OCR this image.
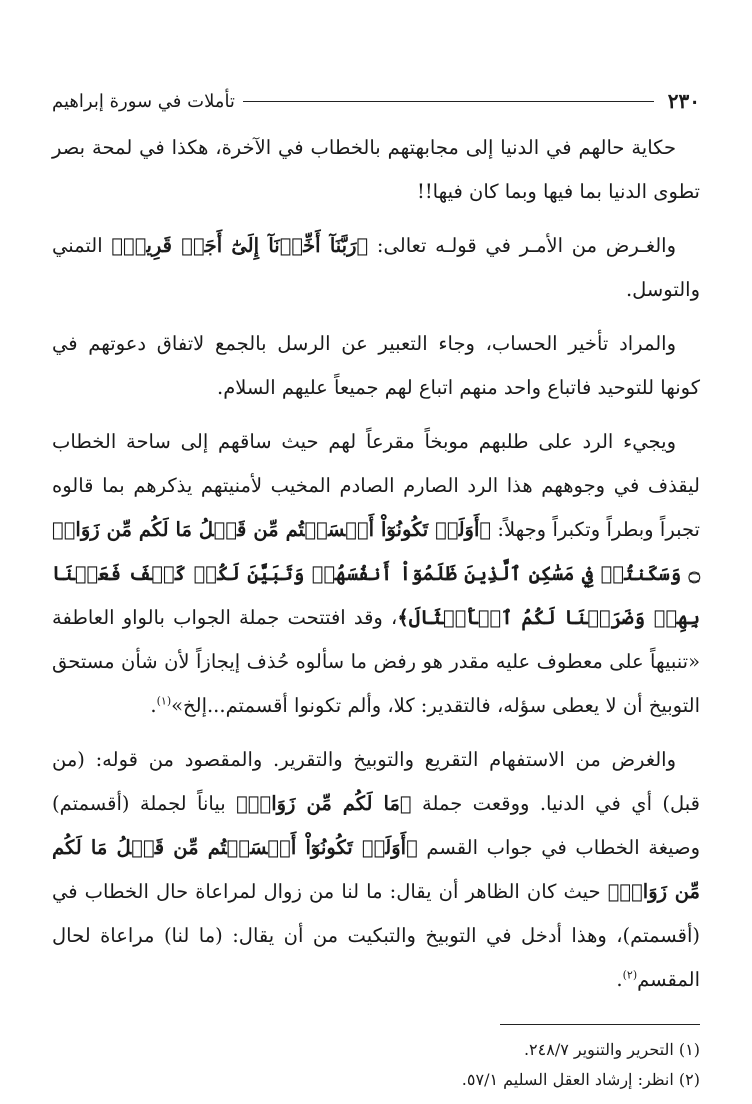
٢٣٠
تأملات في سورة إبراهيم

حكاية حالهم في الدنيا إلى مجابهتهم بالخطاب في الآخرة، هكذا في لمحة بصر تطوى الدنيا بما فيها وبما كان فيها!!

والغـرض من الأمـر في قولـه تعالى: ﴿رَبَّنَآ أَخِّرۡنَآ إِلَىٰٓ أَجَلٖ قَرِيبٖ﴾ التمني والتوسل.

والمراد تأخير الحساب، وجاء التعبير عن الرسل بالجمع لاتفاق دعوتهم في كونها للتوحيد فاتباع واحد منهم اتباع لهم جميعاً عليهم السلام.

ويجيء الرد على طلبهم موبخاً مقرعاً لهم حيث ساقهم إلى ساحة الخطاب ليقذف في وجوههم هذا الرد الصارم الصادم المخيب لأمنيتهم يذكرهم بما قالوه تجبراً وبطراً وتكبراً وجهلاً: ﴿أَوَلَمۡ تَكُونُوٓاْ أَقۡسَمۡتُم مِّن قَبۡلُ مَا لَكُم مِّن زَوَالٖ ۝ وَسَكَنتُمۡ فِي مَسَٰكِنِ ٱلَّذِينَ ظَلَمُوٓاْ أَنفُسَهُمۡ وَتَبَيَّنَ لَكُمۡ كَيۡفَ فَعَلۡنَا بِهِمۡ وَضَرَبۡنَا لَكُمُ ٱلۡأَمۡثَالَ﴾، وقد افتتحت جملة الجواب بالواو العاطفة «تنبيهاً على معطوف عليه مقدر هو رفض ما سألوه حُذف إيجازاً لأن شأن مستحق التوبيخ أن لا يعطى سؤله، فالتقدير: كلا، وألم تكونوا أقسمتم...إلخ»$^{(١)}$.

والغرض من الاستفهام التقريع والتوبيخ والتقرير. والمقصود من قوله: (من قبل) أي في الدنيا. ووقعت جملة ﴿مَا لَكُم مِّن زَوَالٖ﴾ بياناً لجملة (أقسمتم) وصيغة الخطاب في جواب القسم ﴿أَوَلَمۡ تَكُونُوٓاْ أَقۡسَمۡتُم مِّن قَبۡلُ مَا لَكُم مِّن زَوَالٖ﴾ حيث كان الظاهر أن يقال: ما لنا من زوال لمراعاة حال الخطاب في (أقسمتم)، وهذا أدخل في التوبيخ والتبكيت من أن يقال: (ما لنا) مراعاة لحال المقسم$^{(٢)}$.

(١) التحرير والتنوير ٢٤٨/٧.

(٢) انظر: إرشاد العقل السليم ٥٧/١.
